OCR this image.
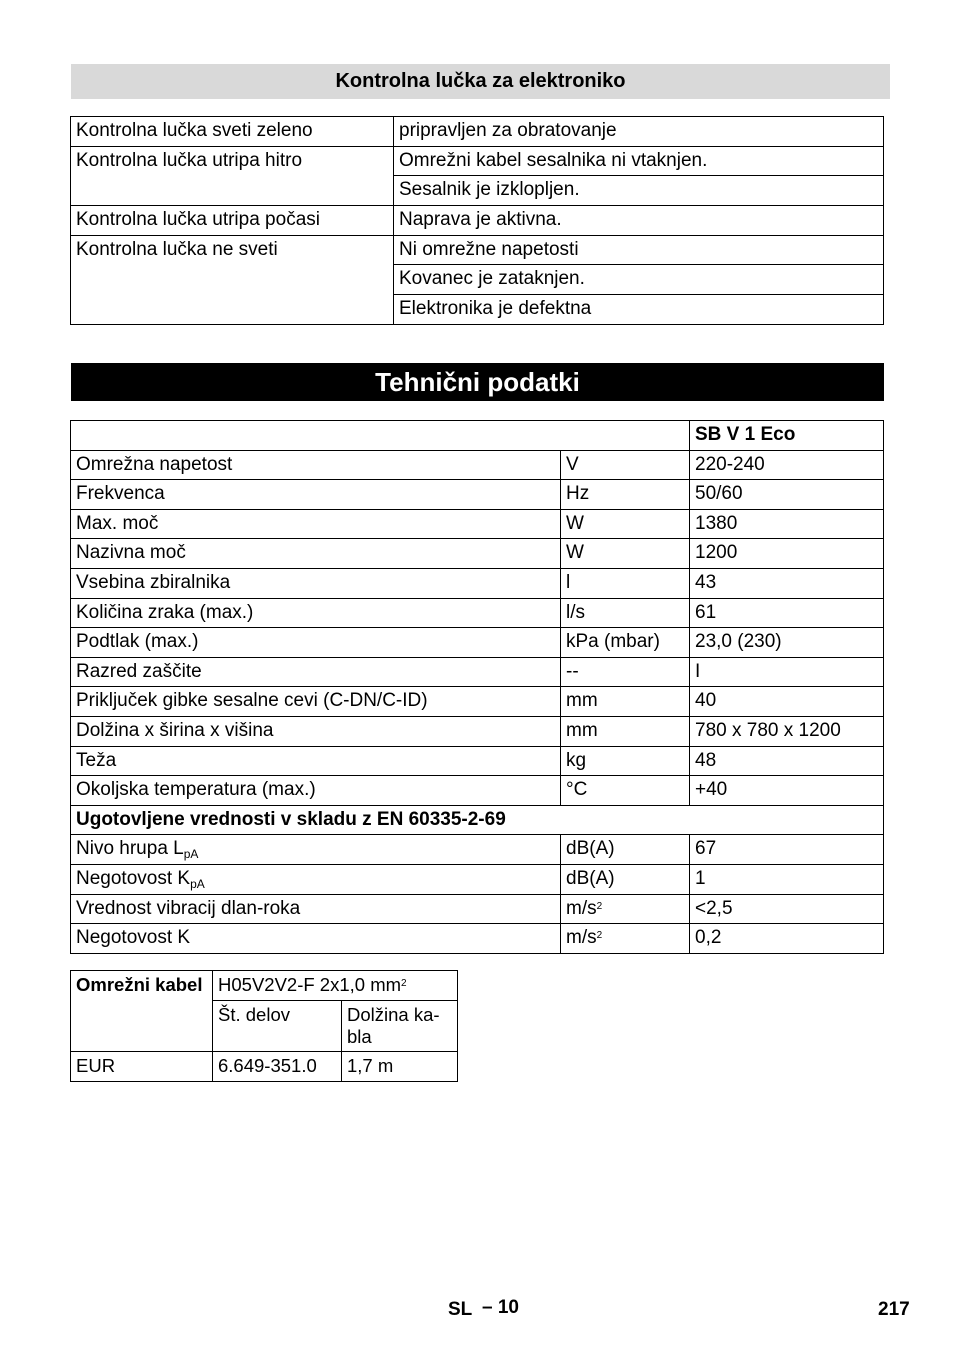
Kontrolna lučka za elektroniko
Kontrolna lučka sveti zeleno	pripravljen za obratovanje
Kontrolna lučka utripa hitro	Omrežni kabel sesalnika ni vtaknjen.
	Sesalnik je izklopljen.
Kontrolna lučka utripa počasi	Naprava je aktivna.
Kontrolna lučka ne sveti	Ni omrežne napetosti
	Kovanec je zataknjen.
	Elektronika je defektna
Tehnični podatki
		SB V 1 Eco
Omrežna napetost	V	220-240
Frekvenca	Hz	50/60
Max. moč	W	1380
Nazivna moč	W	1200
Vsebina zbiralnika	l	43
Količina zraka (max.)	l/s	61
Podtlak (max.)	kPa (mbar)	23,0 (230)
Razred zaščite	--	I
Priključek gibke sesalne cevi (C-DN/C-ID)	mm	40
Dolžina x širina x višina	mm	780 x 780 x 1200
Teža	kg	48
Okoljska temperatura (max.)	°C	+40
Ugotovljene vrednosti v skladu z EN 60335-2-69		
Nivo hrupa $L_{pA}$	dB(A)	67
Negotovost $K_{pA}$	dB(A)	1
Vrednost vibracij dlan-roka	$m/s^2$	<2,5
Negotovost K	$m/s^2$	0,2
Omrežni kabel	H05V2V2-F 2x1,0 $mm^2$
	Št. delov	Dolžina ka-
bla
EUR	6.649-351.0	1,7 m
SL – 10	217
